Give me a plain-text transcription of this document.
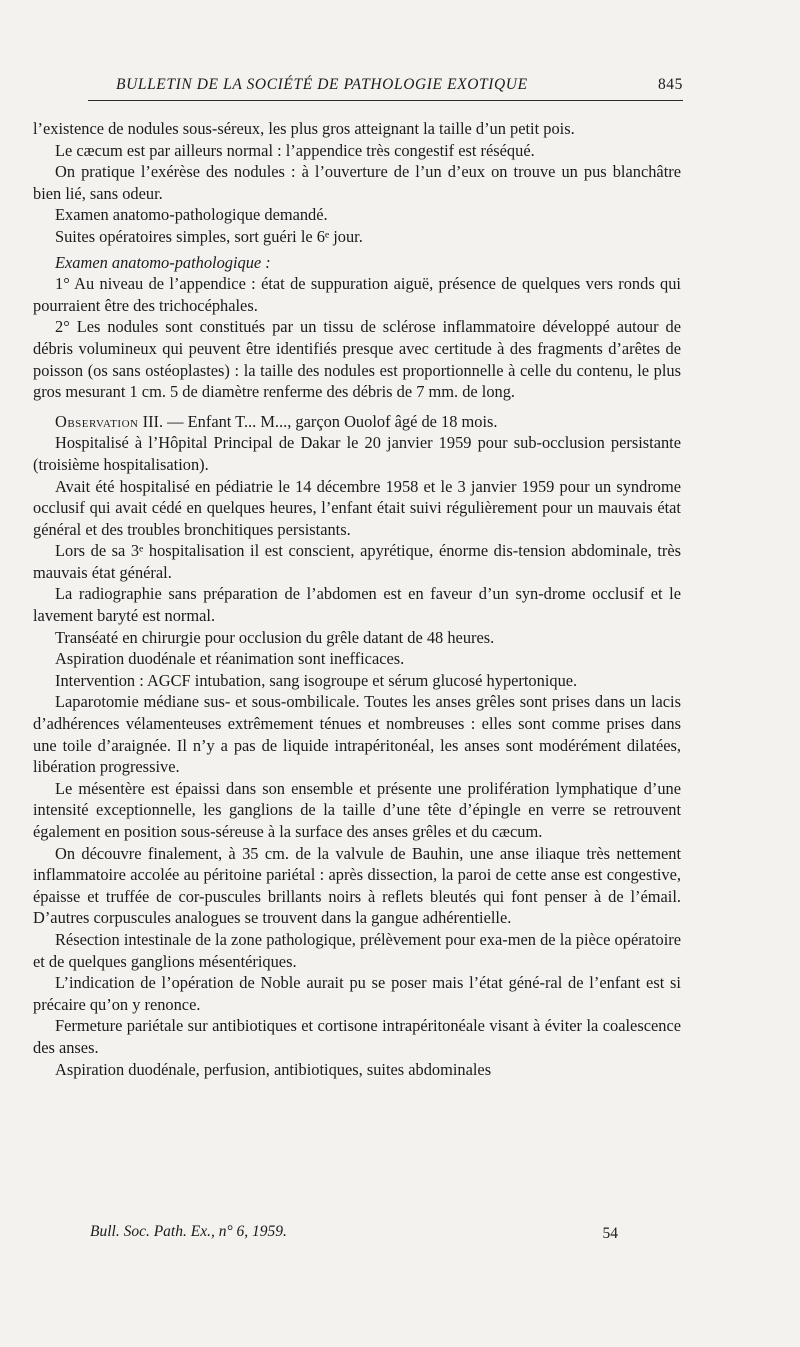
BULLETIN DE LA SOCIÉTÉ DE PATHOLOGIE EXOTIQUE	845

l’existence de nodules sous-séreux, les plus gros atteignant la taille d’un petit pois.

Le cæcum est par ailleurs normal : l’appendice très congestif est réséqué.

On pratique l’exérèse des nodules : à l’ouverture de l’un d’eux on trouve un pus blanchâtre bien lié, sans odeur.

Examen anatomo-pathologique demandé.

Suites opératoires simples, sort guéri le 6ᵉ jour.

Examen anatomo-pathologique :

1° Au niveau de l’appendice : état de suppuration aiguë, présence de quelques vers ronds qui pourraient être des trichocéphales.

2° Les nodules sont constitués par un tissu de sclérose inflammatoire développé autour de débris volumineux qui peuvent être identifiés presque avec certitude à des fragments d’arêtes de poisson (os sans ostéoplastes) : la taille des nodules est proportionnelle à celle du contenu, le plus gros mesurant 1 cm. 5 de diamètre renferme des débris de 7 mm. de long.

Observation III. — Enfant T... M..., garçon Ouolof âgé de 18 mois.

Hospitalisé à l’Hôpital Principal de Dakar le 20 janvier 1959 pour sub-occlusion persistante (troisième hospitalisation).

Avait été hospitalisé en pédiatrie le 14 décembre 1958 et le 3 janvier 1959 pour un syndrome occlusif qui avait cédé en quelques heures, l’enfant était suivi régulièrement pour un mauvais état général et des troubles bronchitiques persistants.

Lors de sa 3ᵉ hospitalisation il est conscient, apyrétique, énorme dis-tension abdominale, très mauvais état général.

La radiographie sans préparation de l’abdomen est en faveur d’un syn-drome occlusif et le lavement baryté est normal.

Transéaté en chirurgie pour occlusion du grêle datant de 48 heures.

Aspiration duodénale et réanimation sont inefficaces.

Intervention : AGCF intubation, sang isogroupe et sérum glucosé hypertonique.

Laparotomie médiane sus- et sous-ombilicale. Toutes les anses grêles sont prises dans un lacis d’adhérences vélamenteuses extrêmement ténues et nombreuses : elles sont comme prises dans une toile d’araignée. Il n’y a pas de liquide intrapéritonéal, les anses sont modérément dilatées, libération progressive.

Le mésentère est épaissi dans son ensemble et présente une prolifération lymphatique d’une intensité exceptionnelle, les ganglions de la taille d’une tête d’épingle en verre se retrouvent également en position sous-séreuse à la surface des anses grêles et du cæcum.

On découvre finalement, à 35 cm. de la valvule de Bauhin, une anse iliaque très nettement inflammatoire accolée au péritoine pariétal : après dissection, la paroi de cette anse est congestive, épaisse et truffée de cor-puscules brillants noirs à reflets bleutés qui font penser à de l’émail. D’autres corpuscules analogues se trouvent dans la gangue adhérentielle.

Résection intestinale de la zone pathologique, prélèvement pour exa-men de la pièce opératoire et de quelques ganglions mésentériques.

L’indication de l’opération de Noble aurait pu se poser mais l’état géné-ral de l’enfant est si précaire qu’on y renonce.

Fermeture pariétale sur antibiotiques et cortisone intrapéritonéale visant à éviter la coalescence des anses.

Aspiration duodénale, perfusion, antibiotiques, suites abdominales

Bull. Soc. Path. Ex., n° 6, 1959.	54
